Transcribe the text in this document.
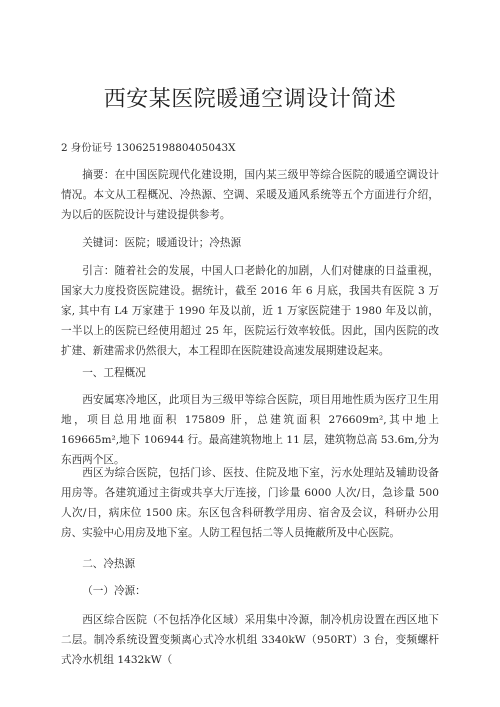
西安某医院暖通空调设计简述

2 身份证号 13062519880405043X

摘要：在中国医院现代化建设期，国内某三级甲等综合医院的暖通空调设计情况。本文从工程概况、冷热源、空调、采暖及通风系统等五个方面进行介绍，为以后的医院设计与建设提供参考。

关键词：医院；暖通设计；冷热源

引言：随着社会的发展，中国人口老龄化的加剧，人们对健康的日益重视，国家大力度投资医院建设。据统计，截至 2016 年 6 月底，我国共有医院 3 万家, 其中有 L4 万家建于 1990 年及以前，近 1 万家医院建于 1980 年及以前，一半以上的医院已经使用超过 25 年，医院运行效率较低。因此，国内医院的改扩建、新建需求仍然很大，本工程即在医院建设高速发展期建设起来。

一、工程概况

西安属寒冷地区，此项目为三级甲等综合医院，项目用地性质为医疗卫生用地，项目总用地面积 175809 肝，总建筑面积 276609m²,其中地上 169665m²,地下 106944 行。最高建筑物地上 11 层，建筑物总高 53.6m,分为东西两个区。

西区为综合医院，包括门诊、医技、住院及地下室，污水处理站及辅助设备用房等。各建筑通过主街或共享大厅连接，门诊量 6000 人次/日，急诊量 500 人次/日，病床位 1500 床。东区包含科研教学用房、宿舍及会议，科研办公用房、实验中心用房及地下室。人防工程包括二等人员掩蔽所及中心医院。

二、冷热源

（一）冷源：

西区综合医院（不包括净化区域）采用集中冷源，制冷机房设置在西区地下二层。制冷系统设置变频离心式冷水机组 3340kW（950RT）3 台，变频螺杆式冷水机组 1432kW（
